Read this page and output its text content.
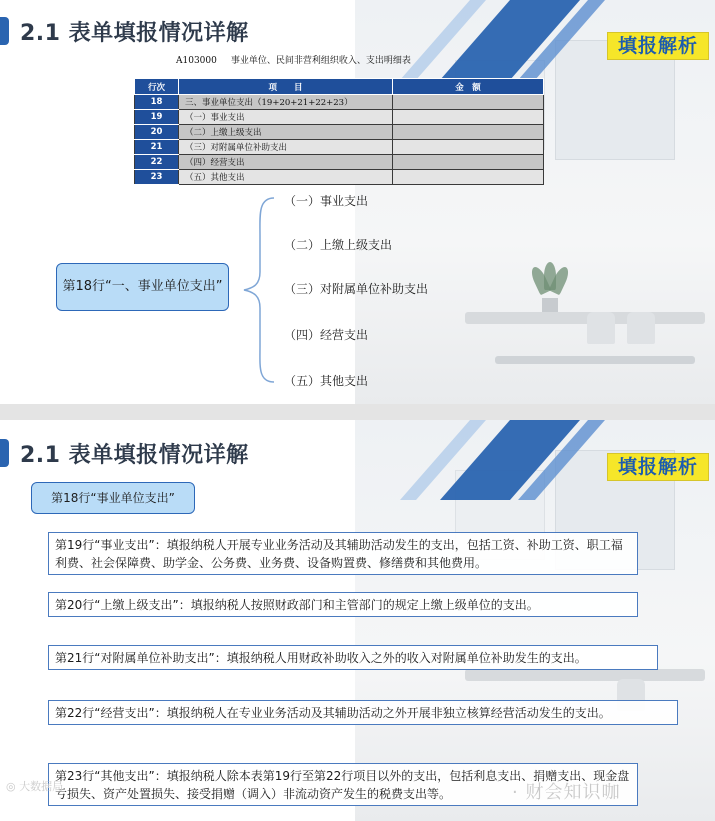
2.1 表单填报情况详解	填报解析
A103000 事业单位、民间非营利组织收入、支出明细表
行次	项　　目	金　额
18	三、事业单位支出（19+20+21+22+23）	
19	（一）事业支出	
20	（二）上缴上级支出	
21	（三）对附属单位补助支出	
22	（四）经营支出	
23	（五）其他支出	
第18行“一、事业单位支出”
（一）事业支出
（二）上缴上级支出
（三）对附属单位补助支出
（四）经营支出
（五）其他支出
2.1 表单填报情况详解	填报解析
第18行“事业单位支出”
第19行“事业支出”：填报纳税人开展专业业务活动及其辅助活动发生的支出，包括工资、补助工资、职工福利费、社会保障费、助学金、公务费、业务费、设备购置费、修缮费和其他费用。
第20行“上缴上级支出”：填报纳税人按照财政部门和主管部门的规定上缴上级单位的支出。
第21行“对附属单位补助支出”：填报纳税人用财政补助收入之外的收入对附属单位补助发生的支出。
第22行“经营支出”：填报纳税人在专业业务活动及其辅助活动之外开展非独立核算经营活动发生的支出。
第23行“其他支出”：填报纳税人除本表第19行至第22行项目以外的支出，包括利息支出、捐赠支出、现金盘亏损失、资产处置损失、接受捐赠（调入）非流动资产发生的税费支出等。
◎ 大数据局	· 财会知识咖
